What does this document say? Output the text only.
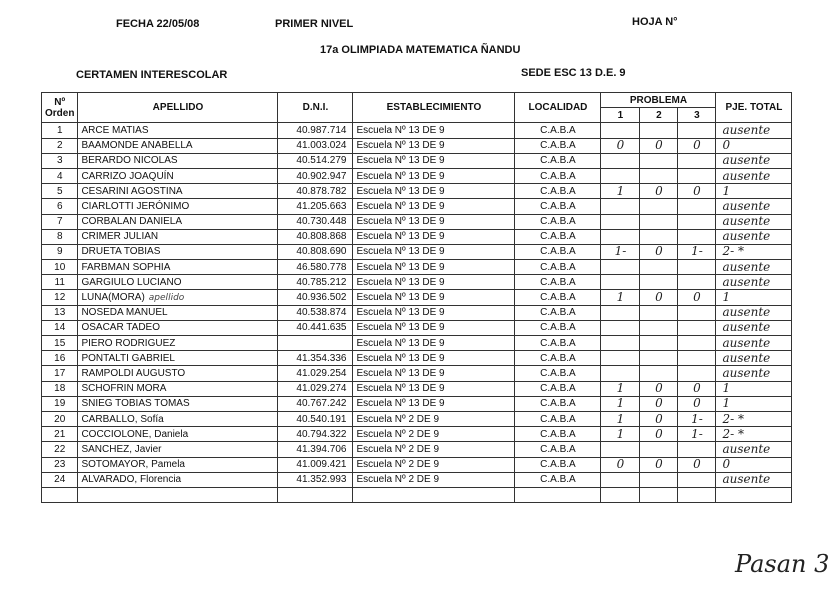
FECHA 22/05/08	PRIMER NIVEL	HOJA N°
17a OLIMPIADA MATEMATICA ÑANDU
CERTAMEN INTERESCOLAR	SEDE ESC 13 D.E. 9
Nº Orden	APELLIDO	D.N.I.	ESTABLECIMIENTO	LOCALIDAD	PROBLEMA			PJE. TOTAL
					1	2	3	
1	ARCE MATIAS	40.987.714	Escuela Nº 13 DE 9	C.A.B.A				ausente
2	BAAMONDE ANABELLA	41.003.024	Escuela Nº 13 DE 9	C.A.B.A	0	0	0	0
3	BERARDO NICOLAS	40.514.279	Escuela Nº 13 DE 9	C.A.B.A				ausente
4	CARRIZO JOAQUÍN	40.902.947	Escuela Nº 13 DE 9	C.A.B.A				ausente
5	CESARINI AGOSTINA	40.878.782	Escuela Nº 13 DE 9	C.A.B.A	1	0	0	1
6	CIARLOTTI JERÓNIMO	41.205.663	Escuela Nº 13 DE 9	C.A.B.A				ausente
7	CORBALAN DANIELA	40.730.448	Escuela Nº 13 DE 9	C.A.B.A				ausente
8	CRIMER JULIAN	40.808.868	Escuela Nº 13 DE 9	C.A.B.A				ausente
9	DRUETA TOBIAS	40.808.690	Escuela Nº 13 DE 9	C.A.B.A	1-	0	1-	2- *
10	FARBMAN SOPHIA	46.580.778	Escuela Nº 13 DE 9	C.A.B.A				ausente
11	GARGIULO LUCIANO	40.785.212	Escuela Nº 13 DE 9	C.A.B.A				ausente
12	LUNA(MORA) apellido	40.936.502	Escuela Nº 13 DE 9	C.A.B.A	1	0	0	1
13	NOSEDA MANUEL	40.538.874	Escuela Nº 13 DE 9	C.A.B.A				ausente
14	OSACAR TADEO	40.441.635	Escuela Nº 13 DE 9	C.A.B.A				ausente
15	PIERO RODRIGUEZ		Escuela Nº 13 DE 9	C.A.B.A				ausente
16	PONTALTI GABRIEL	41.354.336	Escuela Nº 13 DE 9	C.A.B.A				ausente
17	RAMPOLDI AUGUSTO	41.029.254	Escuela Nº 13 DE 9	C.A.B.A				ausente
18	SCHOFRIN MORA	41.029.274	Escuela Nº 13 DE 9	C.A.B.A	1	0	0	1
19	SNIEG TOBIAS TOMAS	40.767.242	Escuela Nº 13 DE 9	C.A.B.A	1	0	0	1
20	CARBALLO, Sofía	40.540.191	Escuela Nº 2 DE 9	C.A.B.A	1	0	1-	2- *
21	COCCIOLONE, Daniela	40.794.322	Escuela Nº 2 DE 9	C.A.B.A	1	0	1-	2- *
22	SANCHEZ, Javier	41.394.706	Escuela Nº 2 DE 9	C.A.B.A				ausente
23	SOTOMAYOR, Pamela	41.009.421	Escuela Nº 2 DE 9	C.A.B.A	0	0	0	0
24	ALVARADO, Florencia	41.352.993	Escuela Nº 2 DE 9	C.A.B.A				ausente

Pasan 3
